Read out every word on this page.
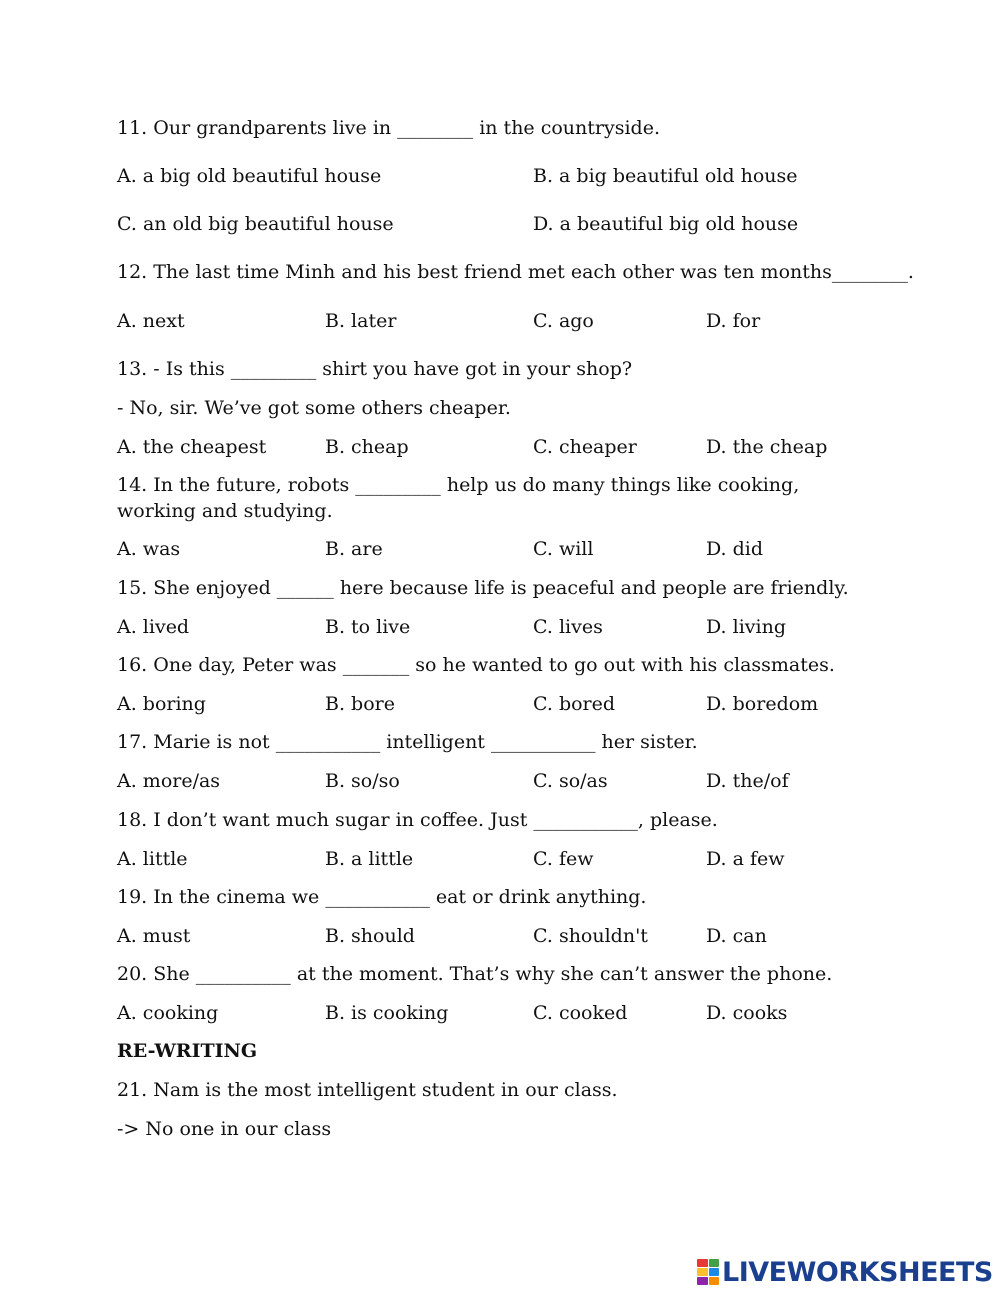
11. Our grandparents live in ________ in the countryside.
A. a big old beautiful house	B. a big beautiful old house
C. an old big beautiful house	D. a beautiful big old house
12. The last time Minh and his best friend met each other was ten months________.
A. next	B. later	C. ago	D. for
13. - Is this _________ shirt you have got in your shop?
- No, sir. We’ve got some others cheaper.
A. the cheapest	B. cheap	C. cheaper	D. the cheap
14. In the future, robots _________ help us do many things like cooking, working and studying.
A. was	B. are	C. will	D. did
15. She enjoyed ______ here because life is peaceful and people are friendly.
A. lived	B. to live	C. lives	D. living
16. One day, Peter was _______ so he wanted to go out with his classmates.
A. boring	B. bore	C. bored	D. boredom
17. Marie is not ___________ intelligent ___________ her sister.
A. more/as	B. so/so	C. so/as	D. the/of
18. I don’t want much sugar in coffee. Just ___________, please.
A. little	B. a little	C. few	D. a few
19. In the cinema we ___________ eat or drink anything.
A. must	B. should	C. shouldn't	D. can
20. She __________ at the moment. That’s why she can’t answer the phone.
A. cooking	B. is cooking	C. cooked	D. cooks
RE-WRITING
21. Nam is the most intelligent student in our class.
-> No one in our class
LIVEWORKSHEETS
